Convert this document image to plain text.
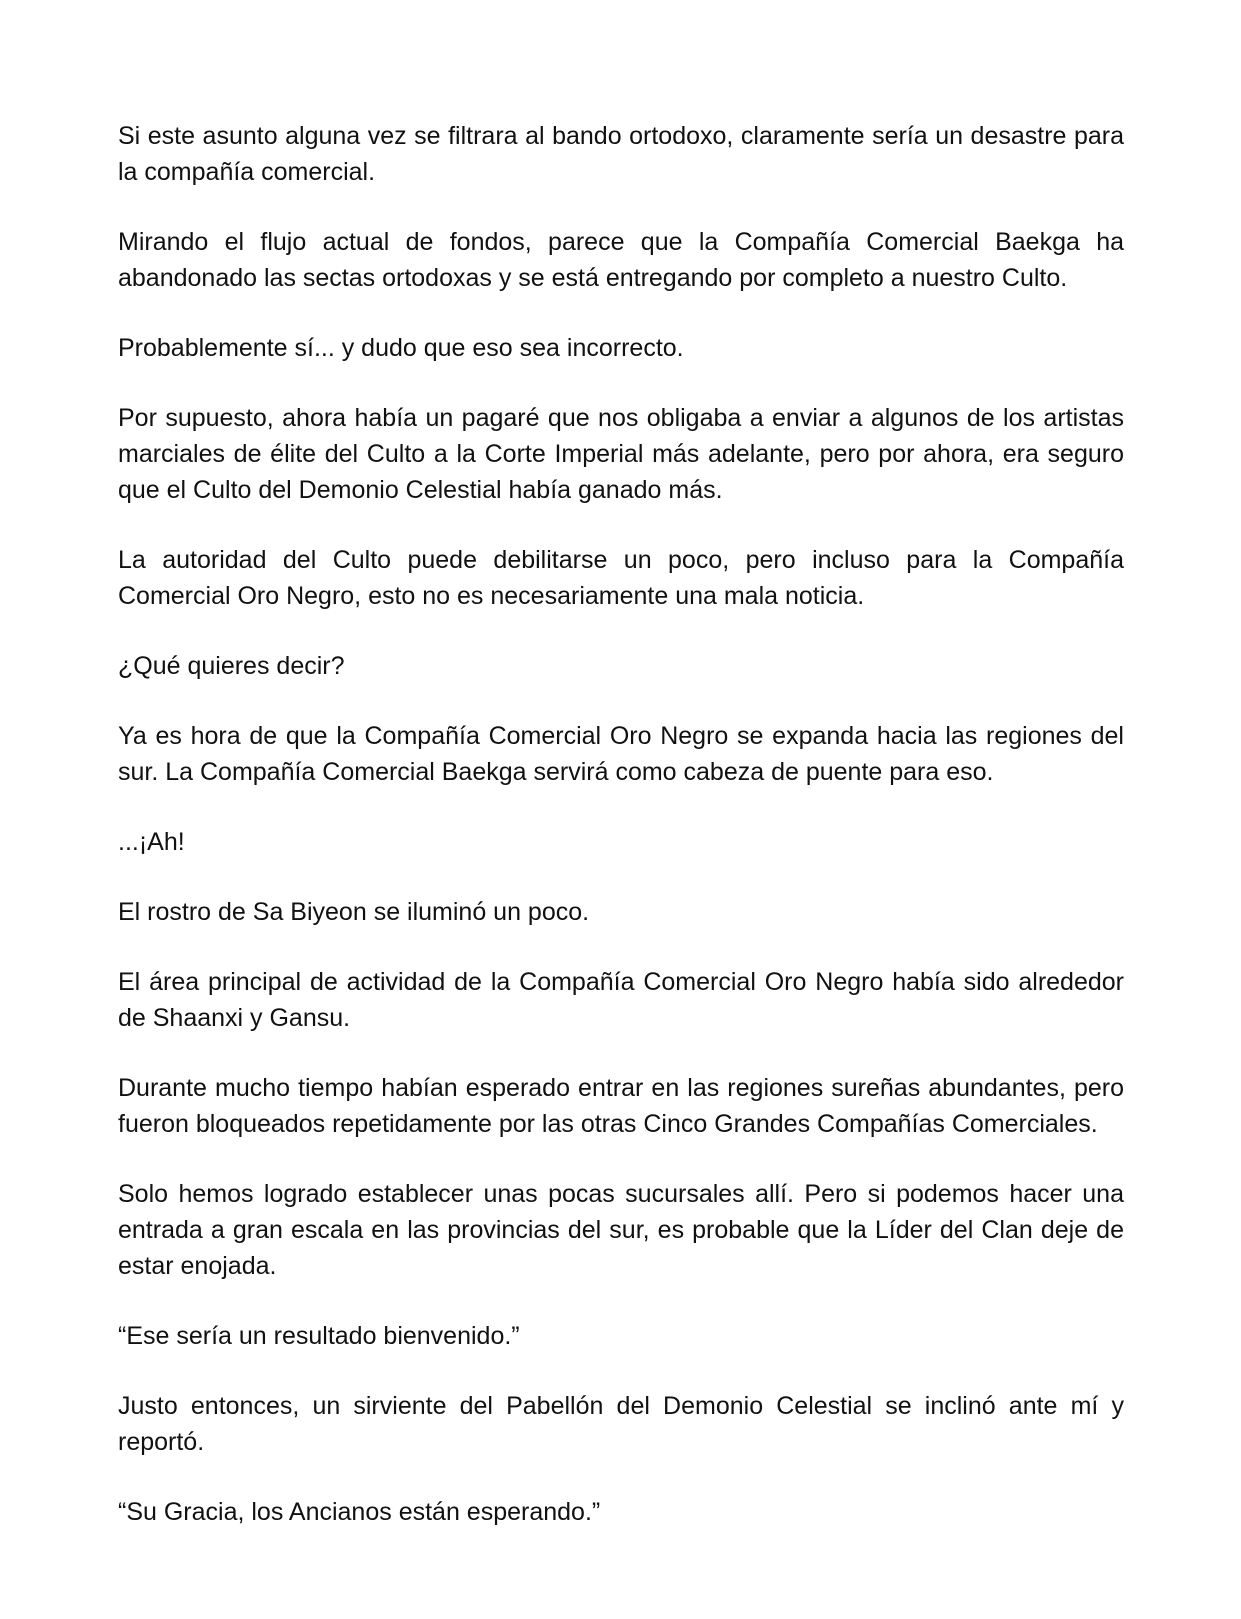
Si este asunto alguna vez se filtrara al bando ortodoxo, claramente sería un desastre para la compañía comercial.

Mirando el flujo actual de fondos, parece que la Compañía Comercial Baekga ha abandonado las sectas ortodoxas y se está entregando por completo a nuestro Culto.

Probablemente sí... y dudo que eso sea incorrecto.

Por supuesto, ahora había un pagaré que nos obligaba a enviar a algunos de los artistas marciales de élite del Culto a la Corte Imperial más adelante, pero por ahora, era seguro que el Culto del Demonio Celestial había ganado más.

La autoridad del Culto puede debilitarse un poco, pero incluso para la Compañía Comercial Oro Negro, esto no es necesariamente una mala noticia.

¿Qué quieres decir?

Ya es hora de que la Compañía Comercial Oro Negro se expanda hacia las regiones del sur. La Compañía Comercial Baekga servirá como cabeza de puente para eso.

...¡Ah!

El rostro de Sa Biyeon se iluminó un poco.

El área principal de actividad de la Compañía Comercial Oro Negro había sido alrededor de Shaanxi y Gansu.

Durante mucho tiempo habían esperado entrar en las regiones sureñas abundantes, pero fueron bloqueados repetidamente por las otras Cinco Grandes Compañías Comerciales.

Solo hemos logrado establecer unas pocas sucursales allí. Pero si podemos hacer una entrada a gran escala en las provincias del sur, es probable que la Líder del Clan deje de estar enojada.

“Ese sería un resultado bienvenido.”

Justo entonces, un sirviente del Pabellón del Demonio Celestial se inclinó ante mí y reportó.

“Su Gracia, los Ancianos están esperando.”
